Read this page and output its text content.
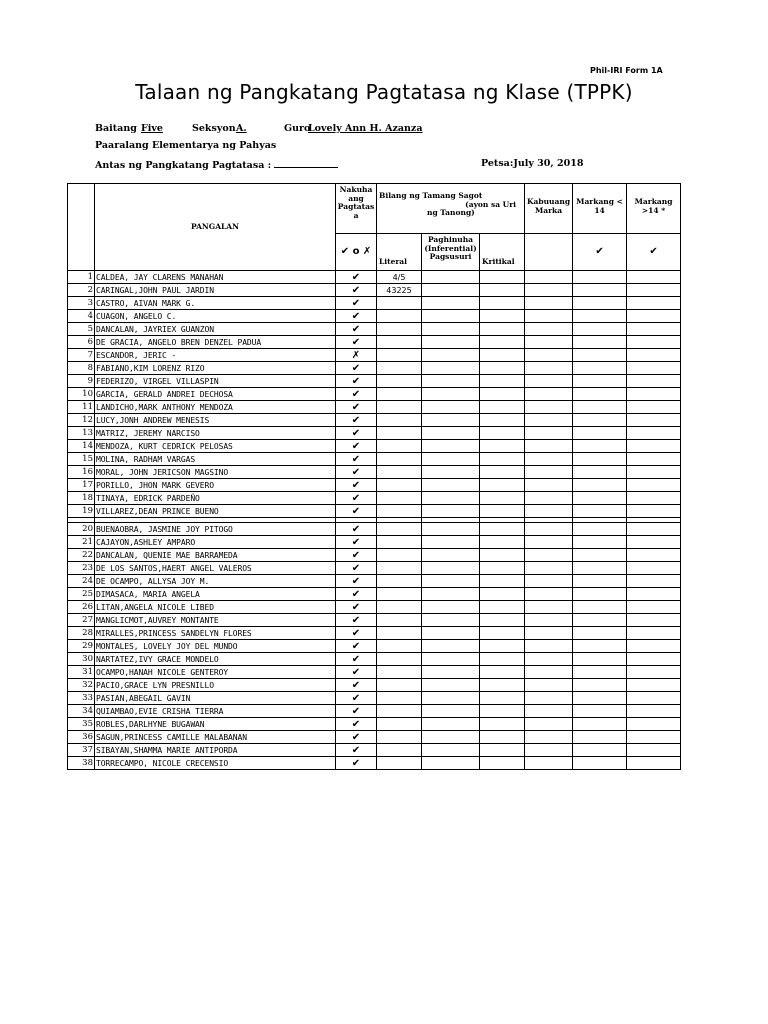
Phil-IRI Form 1A
Talaan ng Pangkatang Pagtatasa ng Klase (TPPK)
Baitang Five	Seksyon A.	Guro
Lovely Ann H. Azanza
Paaralang Elementarya ng Pahyas
Antas ng Pangkatang Pagtatasa :	Petsa:July 30, 2018
	PANGALAN	Nakuha ang Pagtatas a	Bilang ng Tamang Sagot
(ayon sa Uri
ng Tanong)			Kabuuang Marka	Markang < 14	Markang >14 *
		✔ o ✗	Literal	Paghinuha (Inferential) Pagsusuri	Kritikal		✔	✔
1	CALDEA, JAY CLARENS MANAHAN	✔	4/5					
2	CARINGAL,JOHN PAUL JARDIN	✔	43225					
3	CASTRO, AIVAN MARK G.	✔						
4	CUAGON, ANGELO C.	✔						
5	DANCALAN, JAYRIEX GUANZON	✔						
6	DE GRACIA, ANGELO BREN DENZEL PADUA	✔						
7	ESCANDOR, JERIC -	✗						
8	FABIANO,KIM LORENZ RIZO	✔						
9	FEDERIZO, VIRGEL VILLASPIN	✔						
10	GARCIA, GERALD ANDREI DECHOSA	✔						
11	LANDICHO,MARK ANTHONY MENDOZA	✔						
12	LUCY,JONH ANDREW MENESIS	✔						
13	MATRIZ, JEREMY NARCISO	✔						
14	MENDOZA, KURT CEDRICK PELOSAS	✔						
15	MOLINA, RADHAM VARGAS	✔						
16	MORAL, JOHN JERICSON MAGSINO	✔						
17	PORILLO, JHON MARK GEVERO	✔						
18	TINAYA, EDRICK PARDEÑO	✔						
19	VILLAREZ,DEAN PRINCE BUENO	✔						

20	BUENAOBRA, JASMINE JOY PITOGO	✔						
21	CAJAYON,ASHLEY AMPARO	✔						
22	DANCALAN, QUENIE MAE BARRAMEDA	✔						
23	DE LOS SANTOS,HAERT ANGEL VALEROS	✔						
24	DE OCAMPO, ALLYSA JOY M.	✔						
25	DIMASACA, MARIA ANGELA	✔						
26	LITAN,ANGELA NICOLE LIBED	✔						
27	MANGLICMOT,AUVREY MONTANTE	✔						
28	MIRALLES,PRINCESS SANDELYN FLORES	✔						
29	MONTALES, LOVELY JOY DEL MUNDO	✔						
30	NARTATEZ,IVY GRACE MONDELO	✔						
31	OCAMPO,HANAH NICOLE GENTEROY	✔						
32	PACIO,GRACE LYN PRESNILLO	✔						
33	PASIAN,ABEGAIL GAVIN	✔						
34	QUIAMBAO,EVIE CRISHA TIERRA	✔						
35	ROBLES,DARLHYNE BUGAWAN	✔						
36	SAGUN,PRINCESS CAMILLE MALABANAN	✔						
37	SIBAYAN,SHAMMA MARIE ANTIPORDA	✔						
38	TORRECAMPO, NICOLE CRECENSIO	✔						
